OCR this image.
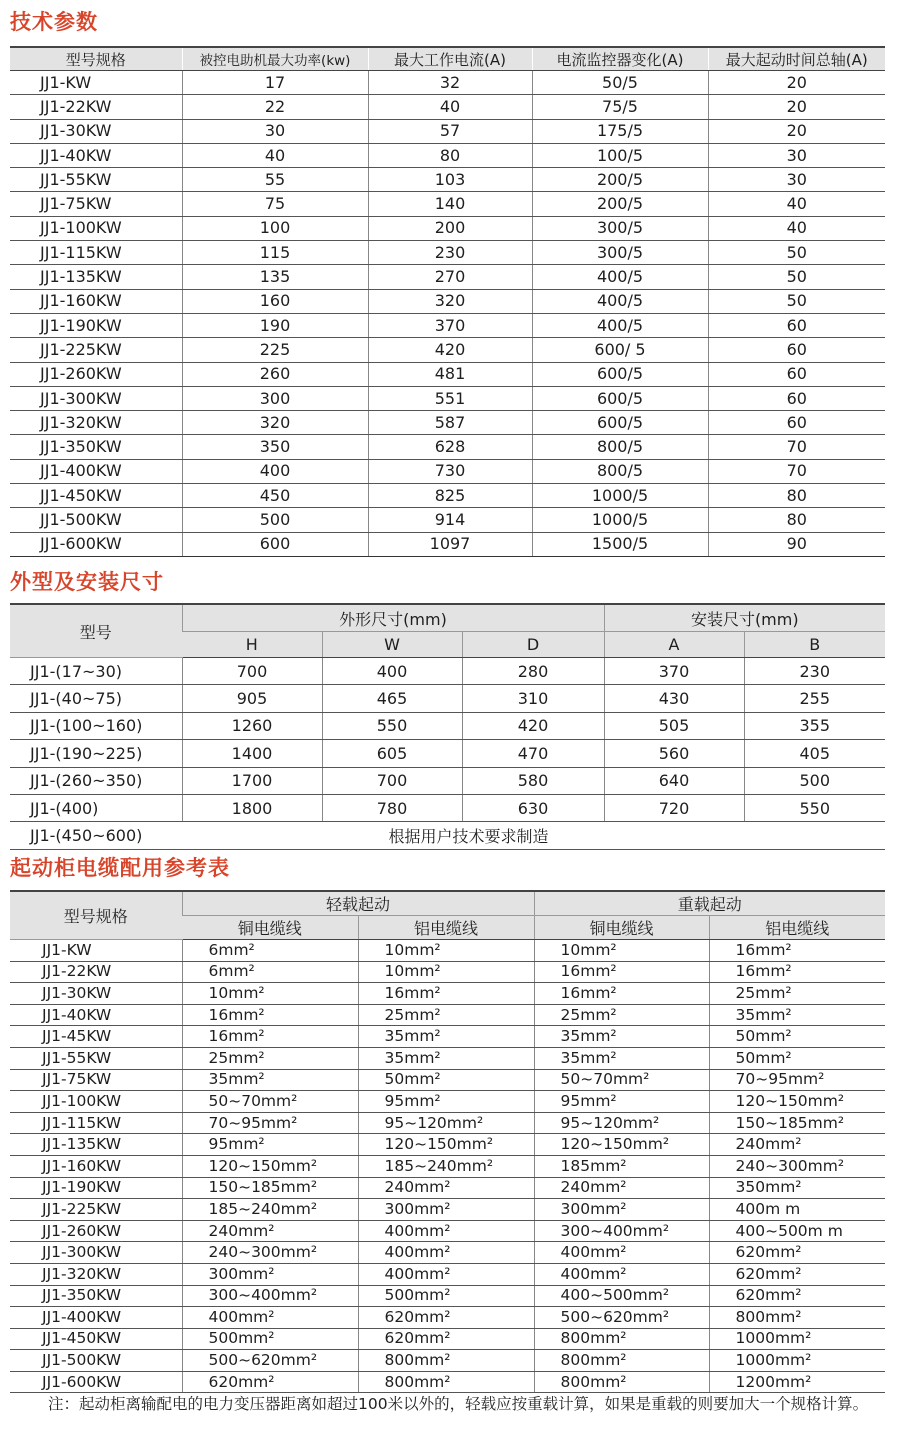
技术参数
型号规格	被控电助机最大功率(kw)	最大工作电流(A)	电流监控器变化(A)	最大起动时间总轴(A)
JJ1-KW	17	32	50/5	20
JJ1-22KW	22	40	75/5	20
JJ1-30KW	30	57	175/5	20
JJ1-40KW	40	80	100/5	30
JJ1-55KW	55	103	200/5	30
JJ1-75KW	75	140	200/5	40
JJ1-100KW	100	200	300/5	40
JJ1-115KW	115	230	300/5	50
JJ1-135KW	135	270	400/5	50
JJ1-160KW	160	320	400/5	50
JJ1-190KW	190	370	400/5	60
JJ1-225KW	225	420	600/ 5	60
JJ1-260KW	260	481	600/5	60
JJ1-300KW	300	551	600/5	60
JJ1-320KW	320	587	600/5	60
JJ1-350KW	350	628	800/5	70
JJ1-400KW	400	730	800/5	70
JJ1-450KW	450	825	1000/5	80
JJ1-500KW	500	914	1000/5	80
JJ1-600KW	600	1097	1500/5	90
外型及安装尺寸
型号	外形尺寸(mm)			安装尺寸(mm)	
	H	W	D	A	B
JJ1-(17~30)	700	400	280	370	230
JJ1-(40~75)	905	465	310	430	255
JJ1-(100~160)	1260	550	420	505	355
JJ1-(190~225)	1400	605	470	560	405
JJ1-(260~350)	1700	700	580	640	500
JJ1-(400)	1800	780	630	720	550
JJ1-(450~600)	根据用户技术要求制造				
起动柜电缆配用参考表
型号规格	轻载起动		重载起动	
	铜电缆线	铝电缆线	铜电缆线	铝电缆线
JJ1-KW	6mm²	10mm²	10mm²	16mm²
JJ1-22KW	6mm²	10mm²	16mm²	16mm²
JJ1-30KW	10mm²	16mm²	16mm²	25mm²
JJ1-40KW	16mm²	25mm²	25mm²	35mm²
JJ1-45KW	16mm²	35mm²	35mm²	50mm²
JJ1-55KW	25mm²	35mm²	35mm²	50mm²
JJ1-75KW	35mm²	50mm²	50~70mm²	70~95mm²
JJ1-100KW	50~70mm²	95mm²	95mm²	120~150mm²
JJ1-115KW	70~95mm²	95~120mm²	95~120mm²	150~185mm²
JJ1-135KW	95mm²	120~150mm²	120~150mm²	240mm²
JJ1-160KW	120~150mm²	185~240mm²	185mm²	240~300mm²
JJ1-190KW	150~185mm²	240mm²	240mm²	350mm²
JJ1-225KW	185~240mm²	300mm²	300mm²	400m m
JJ1-260KW	240mm²	400mm²	300~400mm²	400~500m m
JJ1-300KW	240~300mm²	400mm²	400mm²	620mm²
JJ1-320KW	300mm²	400mm²	400mm²	620mm²
JJ1-350KW	300~400mm²	500mm²	400~500mm²	620mm²
JJ1-400KW	400mm²	620mm²	500~620mm²	800mm²
JJ1-450KW	500mm²	620mm²	800mm²	1000mm²
JJ1-500KW	500~620mm²	800mm²	800mm²	1000mm²
JJ1-600KW	620mm²	800mm²	800mm²	1200mm²

注：起动柜离输配电的电力变压器距离如超过100米以外的，轻载应按重载计算，如果是重载的则要加大一个规格计算。
